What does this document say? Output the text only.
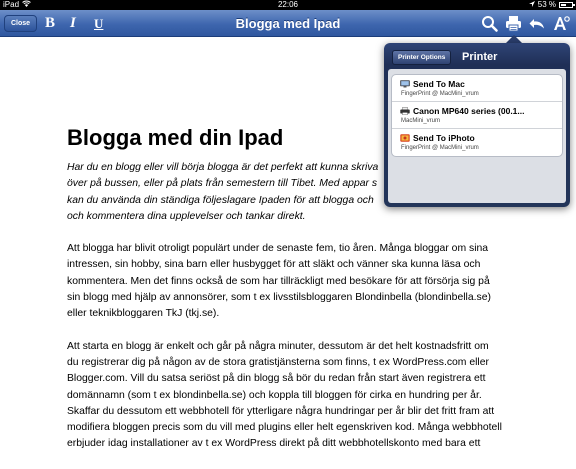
iPad	22:06	53 %
Close B I U	Blogga med Ipad
Blogga med din Ipad

Har du en blogg eller vill börja blogga är det perfekt att kunna skriva
över på bussen, eller på plats från semestern till Tibet. Med appar s
kan du använda din ständiga följeslagare Ipaden för att blogga och
och kommentera dina upplevelser och tankar direkt.

Att blogga har blivit otroligt populärt under de senaste fem, tio åren. Många bloggar om sina
intressen, sin hobby, sina barn eller husbygget för att släkt och vänner ska kunna läsa och
kommentera. Men det finns också de som har tillräckligt med besökare för att försörja sig på
sin blogg med hjälp av annonsörer, som t ex livsstilsbloggaren Blondinbella (blondinbella.se)
eller teknikbloggaren TkJ (tkj.se).

Att starta en blogg är enkelt och går på några minuter, dessutom är det helt kostnadsfritt om
du registrerar dig på någon av de stora gratistjänsterna som finns, t ex WordPress.com eller
Blogger.com. Vill du satsa seriöst på din blogg så bör du redan från start även registrera ett
domännamn (som t ex blondinbella.se) och koppla till bloggen för cirka en hundring per år.
Skaffar du dessutom ett webbhotell för ytterligare några hundringar per år blir det fritt fram att
modifiera bloggen precis som du vill med plugins eller helt egenskriven kod. Många webbhotell
erbjuder idag installationer av t ex WordPress direkt på ditt webbhotellskonto med bara ett

Printer Options	Printer
Send To Mac
FingerPrint @ MacMini_vrum
Canon MP640 series (00.1...
MacMini_vrum
Send To iPhoto
FingerPrint @ MacMini_vrum
